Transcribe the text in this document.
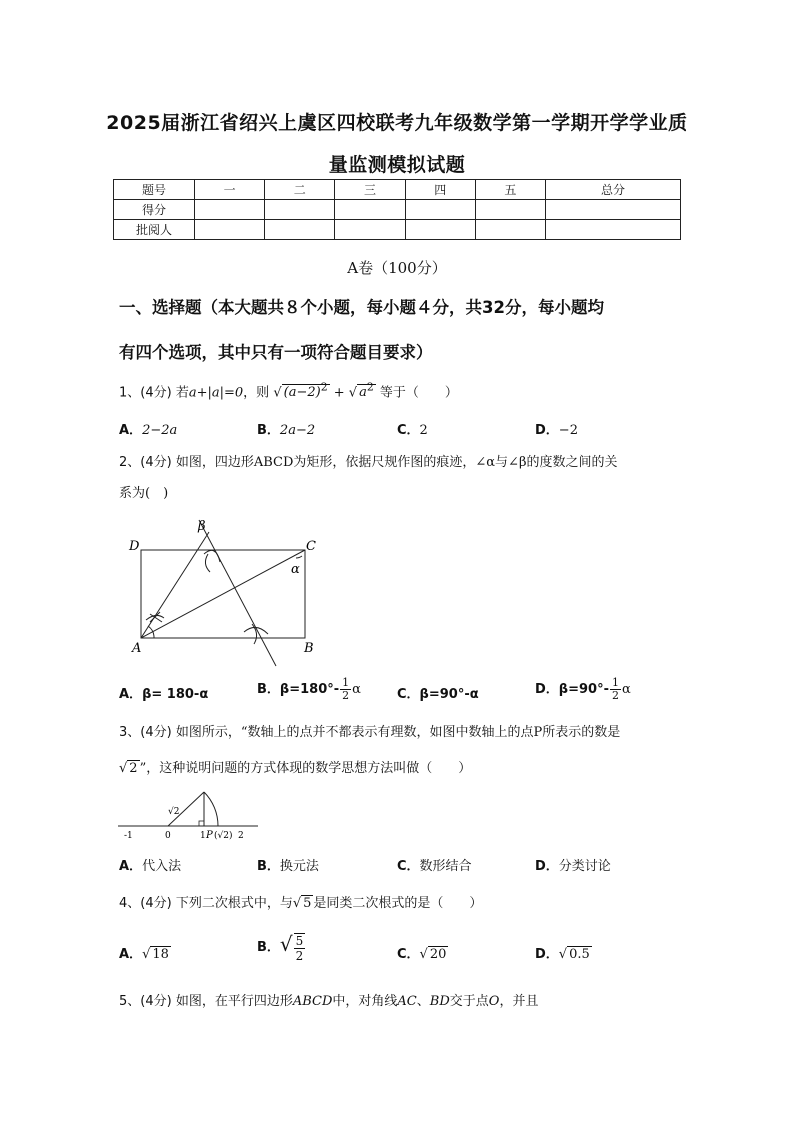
2025届浙江省绍兴上虞区四校联考九年级数学第一学期开学学业质
量监测模拟试题
题号	一	二	三	四	五	总分
得分						
批阅人						
A卷（100分）
一、选择题（本大题共８个小题，每小题４分，共32分，每小题均
有四个选项，其中只有一项符合题目要求）
1、(4分) 若a+|a|=0，则 √ $(a-2)^2$ + √ $a^2$ 等于（　　）
A．2−2a	B．2a−2	C．2	D．−2
2、(4分) 如图，四边形ABCD为矩形，依据尺规作图的痕迹，∠α与∠β的度数之间的关
系为(　)
D	C
A	B
α
β
A．β= 180-α	B．$\beta=180^\circ- \frac{1}{2}$ α	C．β=90°-α	D．$\beta=90^\circ- \frac{1}{2}$ α
3、(4分) 如图所示，“数轴上的点并不都表示有理数，如图中数轴上的点P所表示的数是
√ 2 ”，这种说明问题的方式体现的数学思想方法叫做（　　）
√2
-1	0	1 P (√2) 2
A．代入法	B．换元法	C．数形结合	D．分类讨论
4、(4分) 下列二次根式中，与√ 5 是同类二次根式的是（　　）
A．√ 18	B．√ $\frac{5}{2}$	C．√ 20	D．√ 0.5
5、(4分) 如图，在平行四边形ABCD中，对角线AC、BD交于点O，并且
